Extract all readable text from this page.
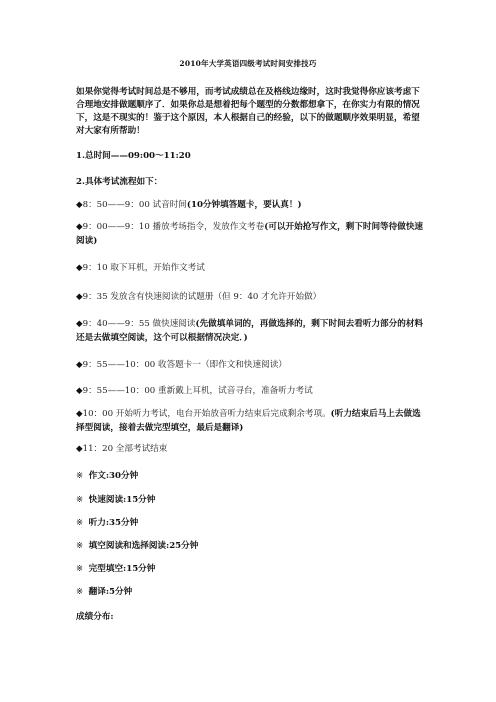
2010年大学英语四级考试时间安排技巧
如果你觉得考试时间总是不够用，而考试成绩总在及格线边缘时，这时我觉得你应该考虑下合理地安排做题顺序了．如果你总是想着把每个题型的分数都想拿下，在你实力有限的情况下，这是不现实的！鉴于这个原因，本人根据自己的经验，以下的做题顺序效果明显，希望对大家有所帮助！
1.总时间——09:00～11:20
2.具体考试流程如下：
◆8：50——9：00 试音时间(10分钟填答题卡，要认真！)
◆9：00——9：10 播放考场指令，发放作文考卷(可以开始抢写作文，剩下时间等待做快速阅读)
◆9：10 取下耳机，开始作文考试
◆9：35 发放含有快速阅读的试题册（但 9：40 才允许开始做）
◆9：40——9：55 做快速阅读(先做填单词的，再做选择的，剩下时间去看听力部分的材料还是去做填空阅读，这个可以根据情况决定．)
◆9：55——10：00 收答题卡一（即作文和快速阅读）
◆9：55——10：00 重新戴上耳机，试音寻台，准备听力考试
◆10：00 开始听力考试，电台开始放音听力结束后完成剩余考项。(听力结束后马上去做选择型阅读，接着去做完型填空，最后是翻译)
◆11：20 全部考试结束
※ 作文:30分钟
※ 快速阅读:15分钟
※ 听力:35分钟
※ 填空阅读和选择阅读:25分钟
※ 完型填空:15分钟
※ 翻译:5分钟
成绩分布:
